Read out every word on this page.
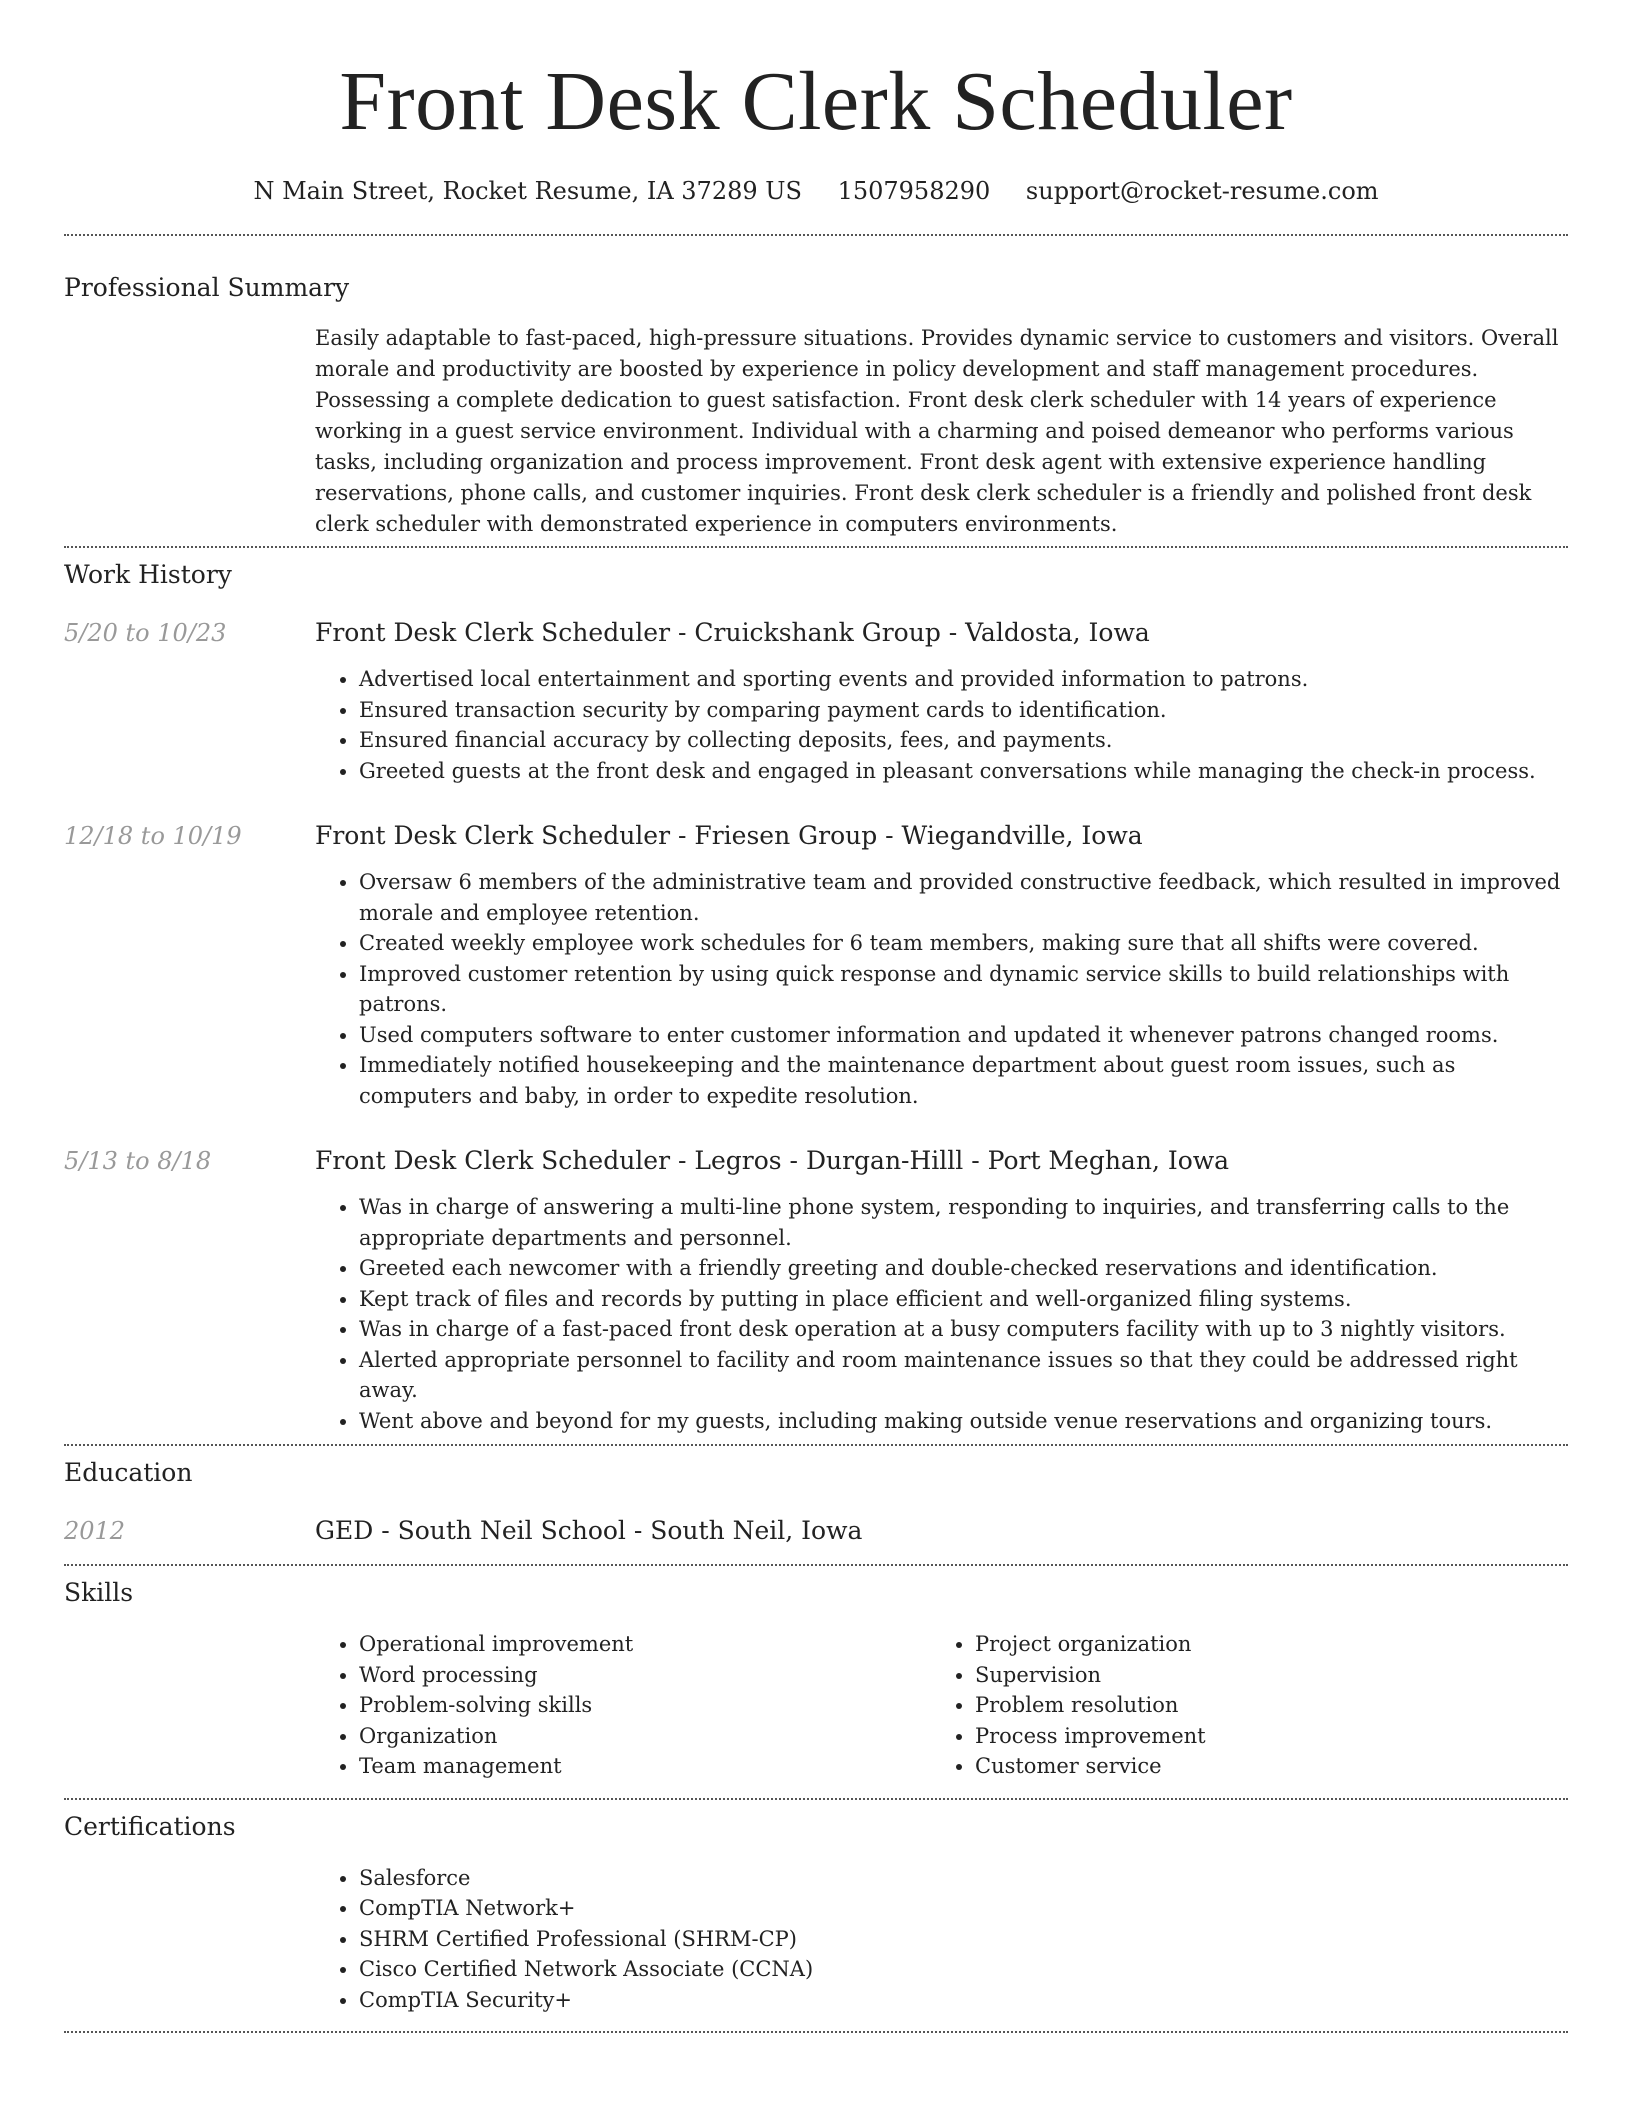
Front Desk Clerk Scheduler
N Main Street, Rocket Resume, IA 37289 US 1507958290 support@rocket-resume.com
Professional Summary

Easily adaptable to fast-paced, high-pressure situations. Provides dynamic service to customers and visitors. Overall morale and productivity are boosted by experience in policy development and staff management procedures. Possessing a complete dedication to guest satisfaction. Front desk clerk scheduler with 14 years of experience working in a guest service environment. Individual with a charming and poised demeanor who performs various tasks, including organization and process improvement. Front desk agent with extensive experience handling reservations, phone calls, and customer inquiries. Front desk clerk scheduler is a friendly and polished front desk clerk scheduler with demonstrated experience in computers environments.

Work History
5/20 to 10/23	Front Desk Clerk Scheduler - Cruickshank Group - Valdosta, Iowa
• Advertised local entertainment and sporting events and provided information to patrons.
• Ensured transaction security by comparing payment cards to identification.
• Ensured financial accuracy by collecting deposits, fees, and payments.
• Greeted guests at the front desk and engaged in pleasant conversations while managing the check-in process.
12/18 to 10/19	Front Desk Clerk Scheduler - Friesen Group - Wiegandville, Iowa
• Oversaw 6 members of the administrative team and provided constructive feedback, which resulted in improved morale and employee retention.
• Created weekly employee work schedules for 6 team members, making sure that all shifts were covered.
• Improved customer retention by using quick response and dynamic service skills to build relationships with patrons.
• Used computers software to enter customer information and updated it whenever patrons changed rooms.
• Immediately notified housekeeping and the maintenance department about guest room issues, such as computers and baby, in order to expedite resolution.
5/13 to 8/18	Front Desk Clerk Scheduler - Legros - Durgan-Hilll - Port Meghan, Iowa
• Was in charge of answering a multi-line phone system, responding to inquiries, and transferring calls to the appropriate departments and personnel.
• Greeted each newcomer with a friendly greeting and double-checked reservations and identification.
• Kept track of files and records by putting in place efficient and well-organized filing systems.
• Was in charge of a fast-paced front desk operation at a busy computers facility with up to 3 nightly visitors.
• Alerted appropriate personnel to facility and room maintenance issues so that they could be addressed right away.
• Went above and beyond for my guests, including making outside venue reservations and organizing tours.
Education
2012	GED - South Neil School - South Neil, Iowa
Skills
• Operational improvement
• Word processing
• Problem-solving skills
• Organization
• Team management
• Project organization
• Supervision
• Problem resolution
• Process improvement
• Customer service
Certifications
• Salesforce
• CompTIA Network+
• SHRM Certified Professional (SHRM-CP)
• Cisco Certified Network Associate (CCNA)
• CompTIA Security+
